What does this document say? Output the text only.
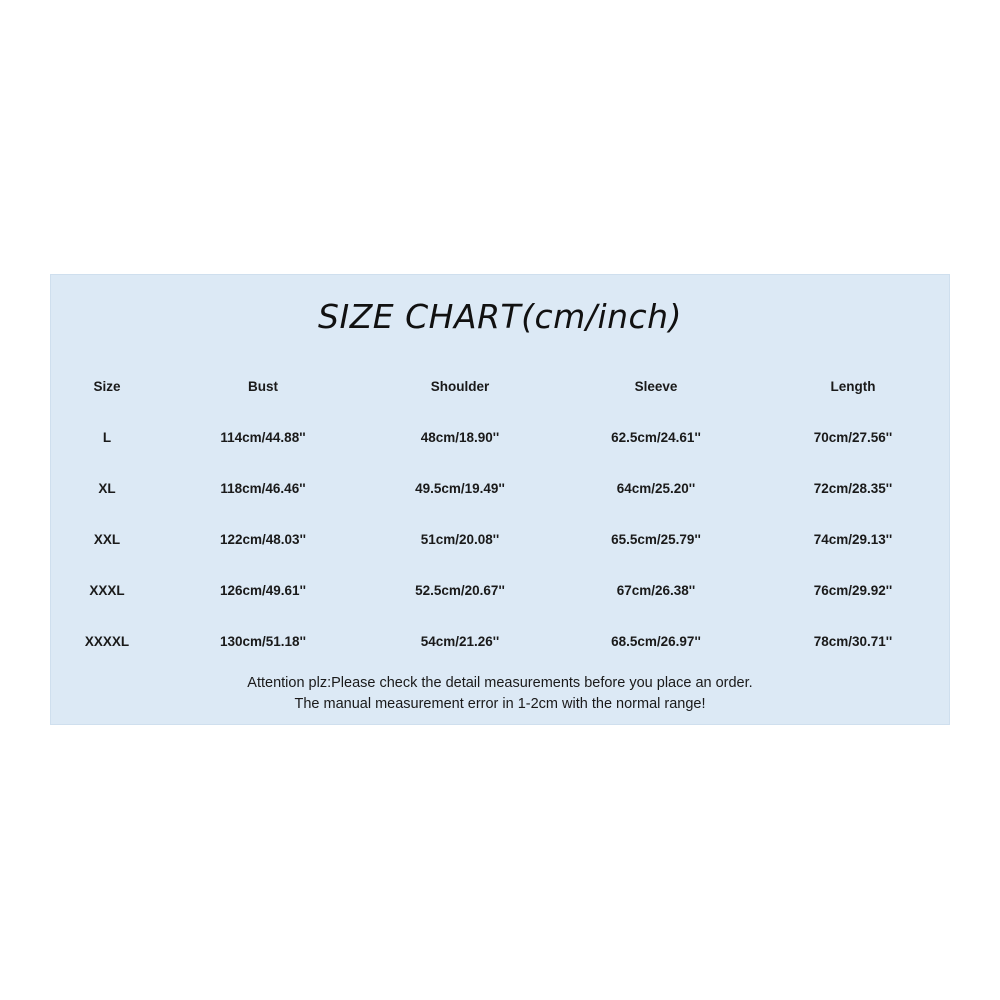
SIZE CHART(cm/inch)
Size	Bust	Shoulder	Sleeve	Length
L	114cm/44.88''	48cm/18.90''	62.5cm/24.61''	70cm/27.56''
XL	118cm/46.46''	49.5cm/19.49''	64cm/25.20''	72cm/28.35''
XXL	122cm/48.03''	51cm/20.08''	65.5cm/25.79''	74cm/29.13''
XXXL	126cm/49.61''	52.5cm/20.67''	67cm/26.38''	76cm/29.92''
XXXXL	130cm/51.18''	54cm/21.26''	68.5cm/26.97''	78cm/30.71''
Attention plz:Please check the detail measurements before you place an order.
The manual measurement error in 1-2cm with the normal range!
